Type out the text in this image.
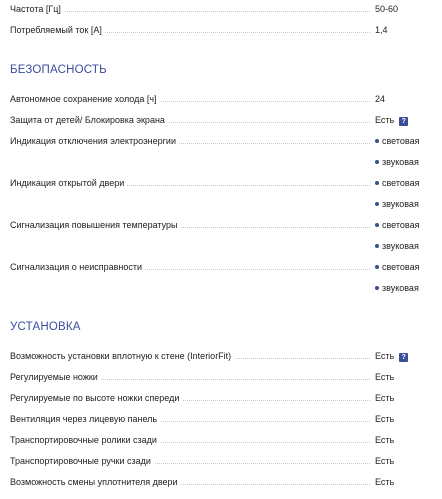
Частота [Гц]	50-60
Потребляемый ток [А]	1,4
БЕЗОПАСНОСТЬ
Автономное сохранение холода [ч]	24
Защита от детей/ Блокировка экрана	Есть ?
Индикация отключения электроэнергии	световая
звуковая
Индикация открытой двери	световая
звуковая
Сигнализация повышения температуры	световая
звуковая
Сигнализация о неисправности	световая
звуковая
УСТАНОВКА
Возможность установки вплотную к стене (InteriorFit)	Есть ?
Регулируемые ножки	Есть
Регулируемые по высоте ножки спереди	Есть
Вентиляция через лицевую панель	Есть
Транспортировочные ролики сзади	Есть
Транспортировочные ручки сзади	Есть
Возможность смены уплотнителя двери	Есть
